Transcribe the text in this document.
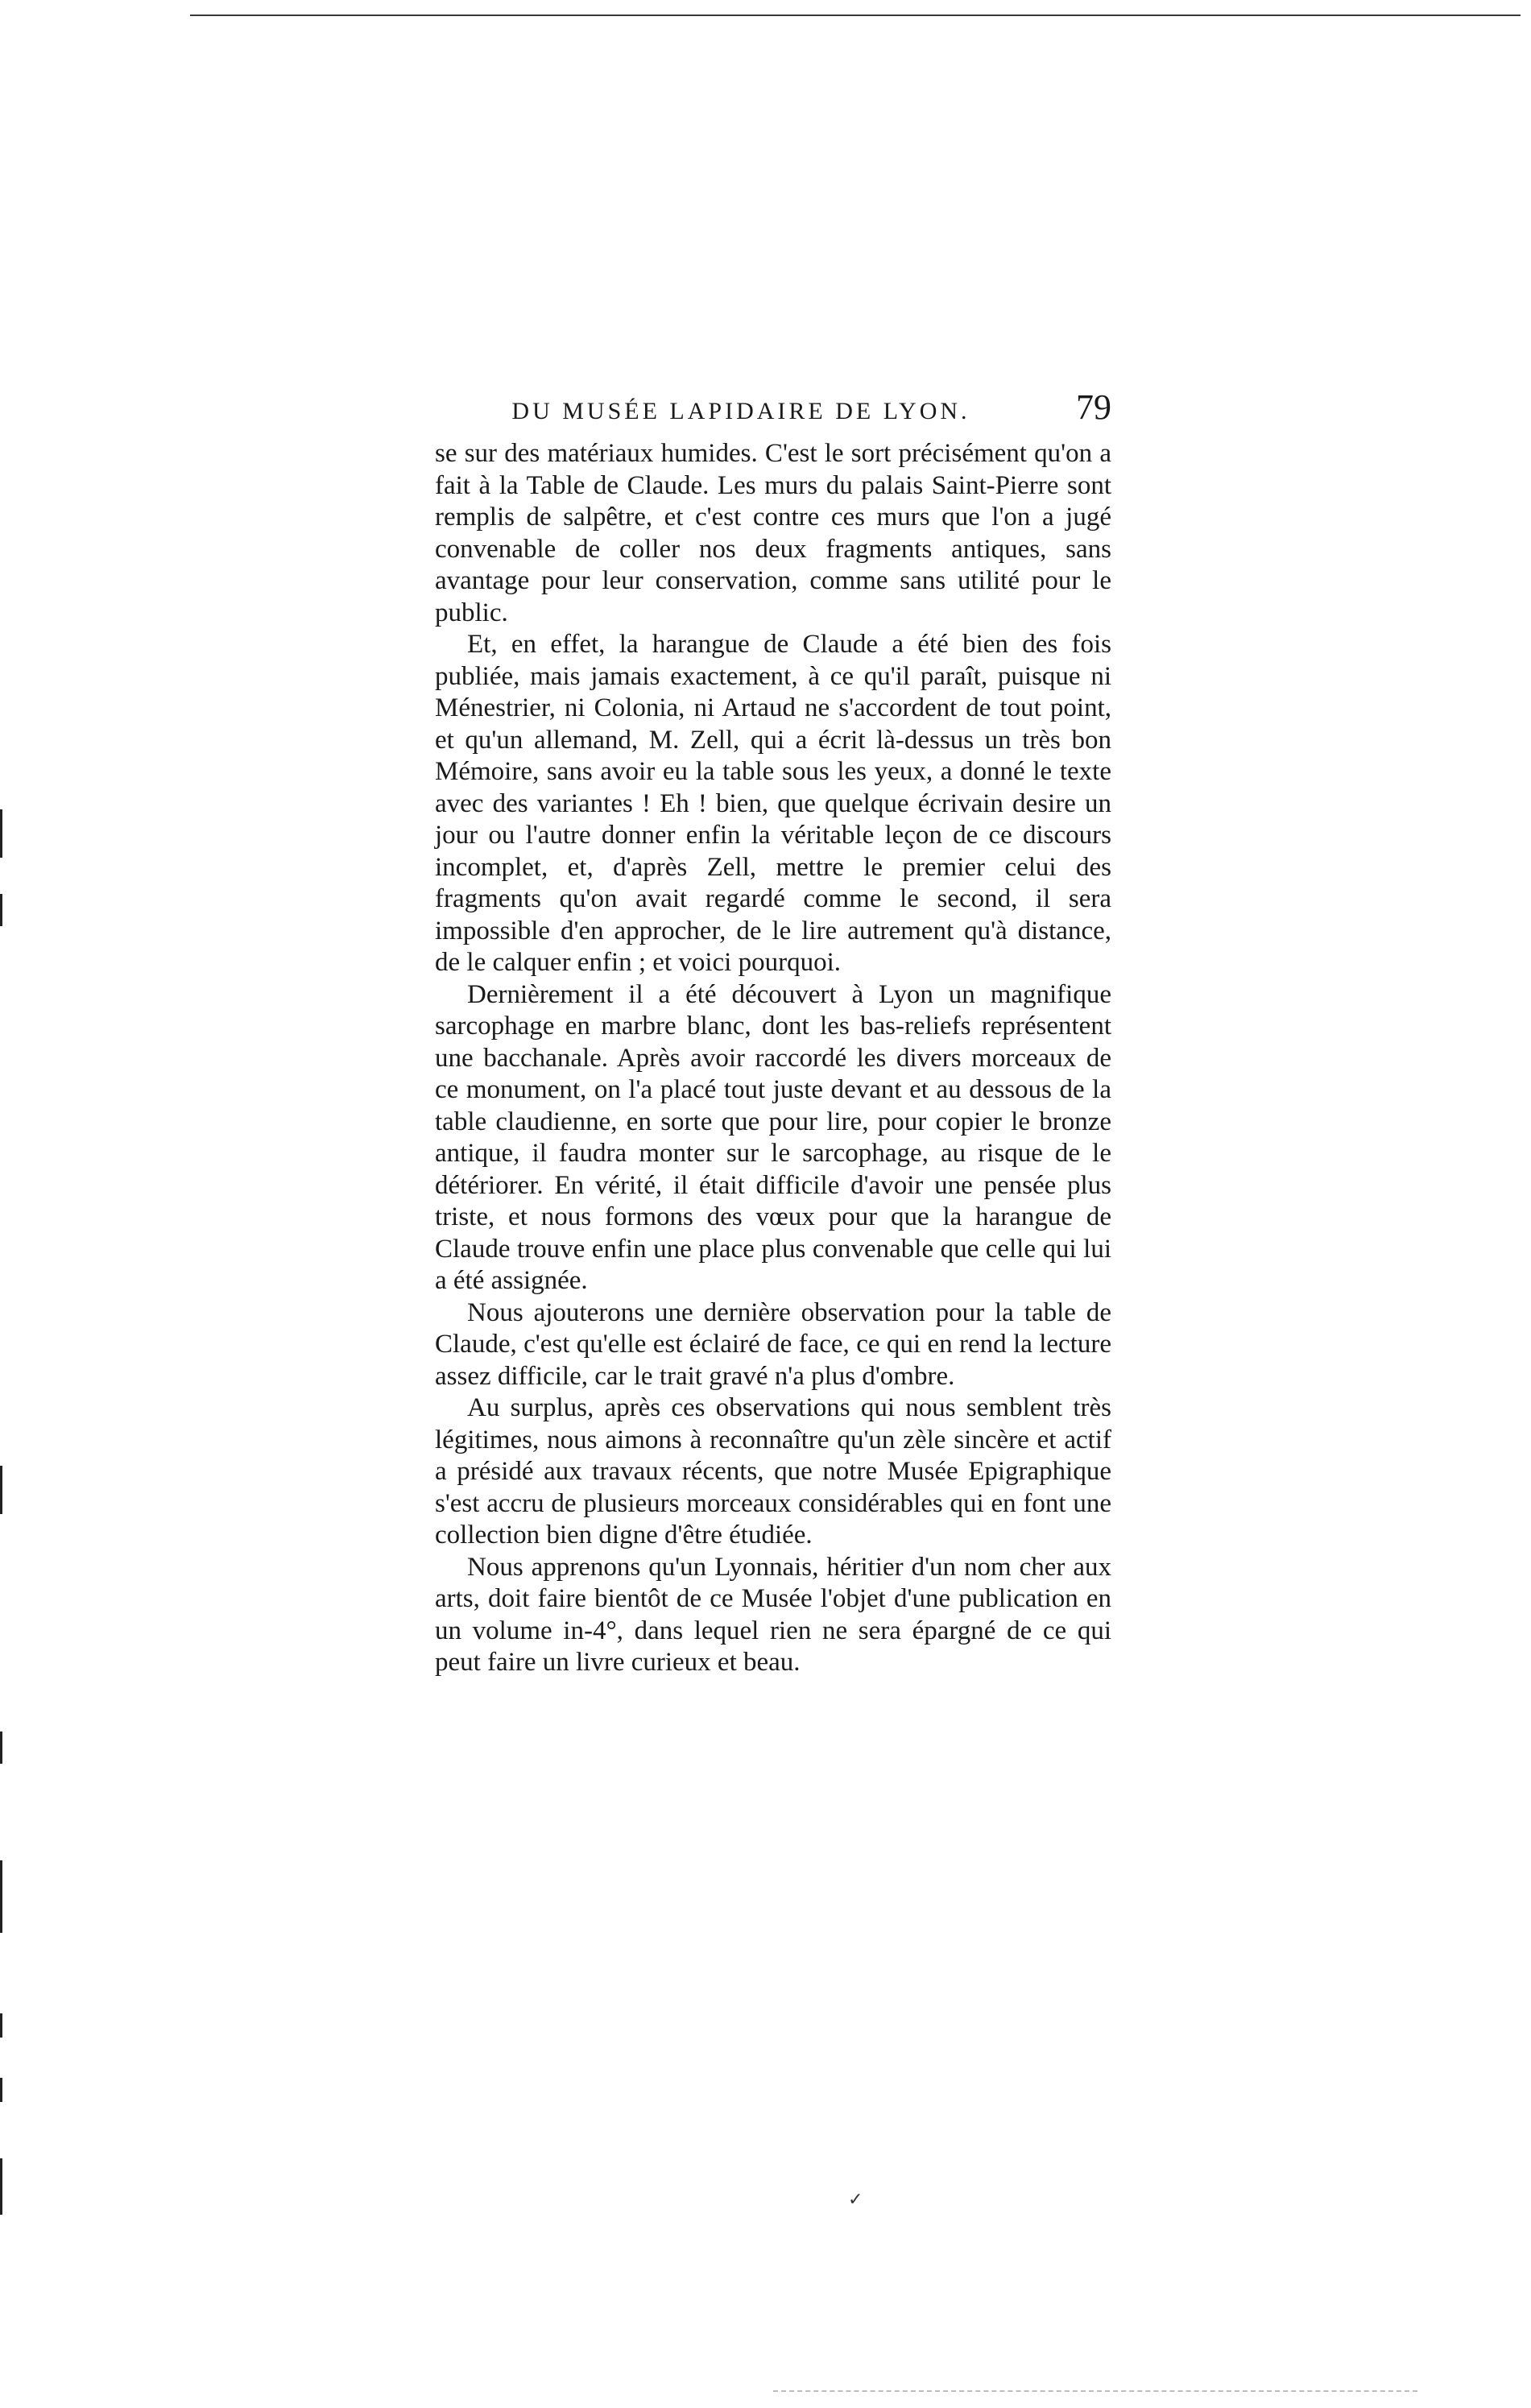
DU MUSÉE LAPIDAIRE DE LYON.	79

se sur des matériaux humides. C'est le sort précisément qu'on a fait à la Table de Claude. Les murs du palais Saint-Pierre sont remplis de salpêtre, et c'est contre ces murs que l'on a jugé convenable de coller nos deux fragments antiques, sans avantage pour leur conservation, comme sans utilité pour le public.

Et, en effet, la harangue de Claude a été bien des fois publiée, mais jamais exactement, à ce qu'il paraît, puisque ni Ménestrier, ni Colonia, ni Artaud ne s'accordent de tout point, et qu'un allemand, M. Zell, qui a écrit là-dessus un très bon Mémoire, sans avoir eu la table sous les yeux, a donné le texte avec des variantes ! Eh ! bien, que quelque écrivain desire un jour ou l'autre donner enfin la véritable leçon de ce discours incomplet, et, d'après Zell, mettre le premier celui des fragments qu'on avait regardé comme le second, il sera impossible d'en approcher, de le lire autrement qu'à distance, de le calquer enfin ; et voici pourquoi.

Dernièrement il a été découvert à Lyon un magnifique sarcophage en marbre blanc, dont les bas-reliefs représentent une bacchanale. Après avoir raccordé les divers morceaux de ce monument, on l'a placé tout juste devant et au dessous de la table claudienne, en sorte que pour lire, pour copier le bronze antique, il faudra monter sur le sarcophage, au risque de le détériorer. En vérité, il était difficile d'avoir une pensée plus triste, et nous formons des vœux pour que la harangue de Claude trouve enfin une place plus convenable que celle qui lui a été assignée.

Nous ajouterons une dernière observation pour la table de Claude, c'est qu'elle est éclairé de face, ce qui en rend la lecture assez difficile, car le trait gravé n'a plus d'ombre.

Au surplus, après ces observations qui nous semblent très légitimes, nous aimons à reconnaître qu'un zèle sincère et actif a présidé aux travaux récents, que notre Musée Epigraphique s'est accru de plusieurs morceaux considérables qui en font une collection bien digne d'être étudiée.

Nous apprenons qu'un Lyonnais, héritier d'un nom cher aux arts, doit faire bientôt de ce Musée l'objet d'une publication en un volume in-4°, dans lequel rien ne sera épargné de ce qui peut faire un livre curieux et beau.

✓
